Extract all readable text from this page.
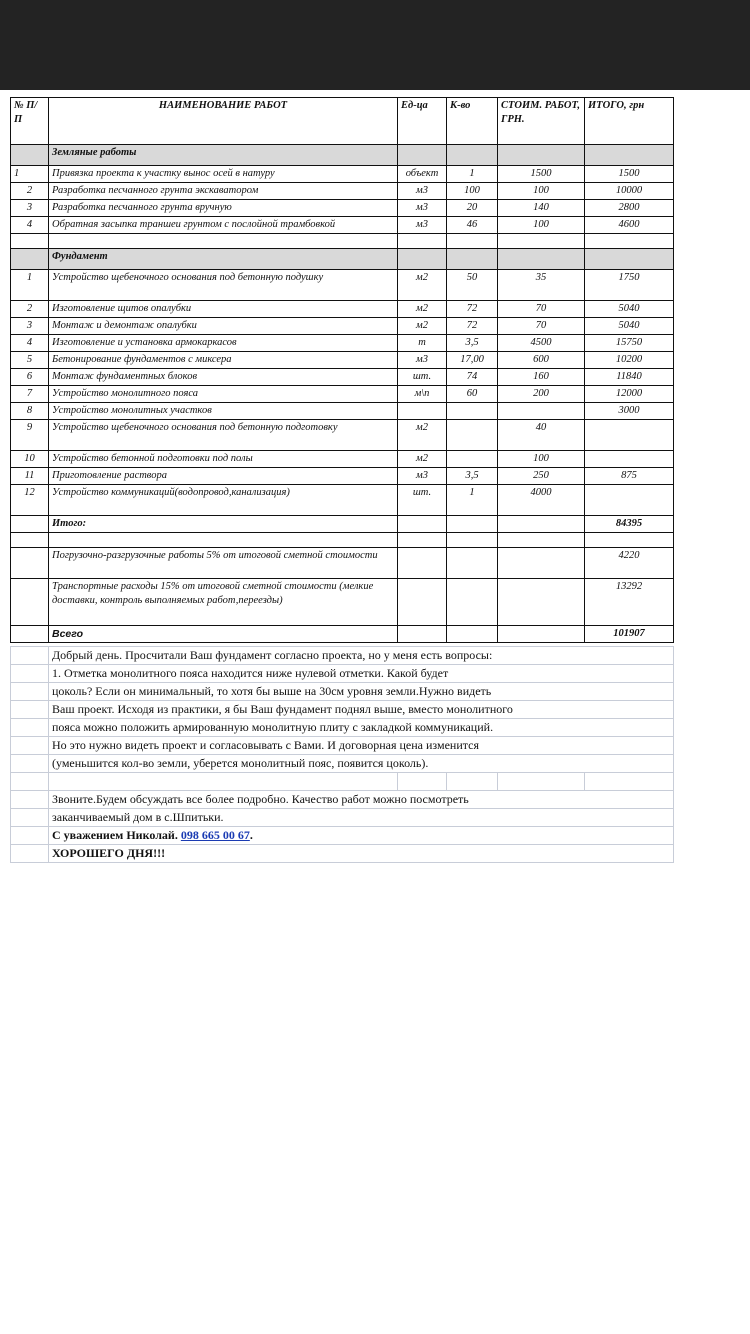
№ П/П	НАИМЕНОВАНИЕ РАБОТ	Ед-ца	К-во	СТОИМ. РАБОТ, ГРН.	ИТОГО, грн
	Земляные работы				
1	Привязка проекта к участку вынос осей в натуру	объект	1	1500	1500
2	Разработка песчанного грунта экскаватором	м3	100	100	10000
3	Разработка песчанного грунта вручную	м3	20	140	2800
4	Обратная засыпка траншеи грунтом с послойной трамбовкой	м3	46	100	4600

	Фундамент				
1	Устройство щебеночного основания под бетонную подушку	м2	50	35	1750
2	Изготовление щитов опалубки	м2	72	70	5040
3	Монтаж и демонтаж опалубки	м2	72	70	5040
4	Изготовление и установка армокаркасов	т	3,5	4500	15750
5	Бетонирование фундаментов с миксера	м3	17,00	600	10200
6	Монтаж фундаментных блоков	шт.	74	160	11840
7	Устройство монолитного пояса	м\п	60	200	12000
8	Устройство монолитных участков				3000
9	Устройство щебеночного основания под бетонную подготовку	м2		40	
10	Устройство бетонной подготовки под полы	м2		100	
11	Приготовление раствора	м3	3,5	250	875
12	Устройство коммуникаций(водопровод,канализация)	шт.	1	4000	
	Итого:				84395

	Погрузочно-разгрузочные работы 5% от итоговой сметной стоимости				4220
	Транспортные расходы 15% от итоговой сметной стоимости (мелкие доставки, контроль выполняемых работ,переезды)				13292
	Всего				101907
	Добрый день. Просчитали Ваш фундамент согласно проекта, но у меня есть вопросы:				
	1. Отметка монолитного пояса находится ниже нулевой отметки. Какой будет				
	цоколь? Если он минимальный, то хотя бы выше на 30см уровня земли.Нужно видеть				
	Ваш проект. Исходя из практики, я бы Ваш фундамент поднял выше, вместо монолитного				
	пояса можно положить армированную монолитную плиту с закладкой коммуникаций.				
	Но это нужно видеть проект и согласовывать с Вами. И договорная цена изменится				
	(уменьшится кол-во земли, уберется монолитный пояс, появится цоколь).				

	Звоните.Будем обсуждать все более подробно. Качество работ можно посмотреть				
	заканчиваемый дом в с.Шпитьки.				
	С уважением Николай. 098 665 00 67.				
	ХОРОШЕГО ДНЯ!!!				
